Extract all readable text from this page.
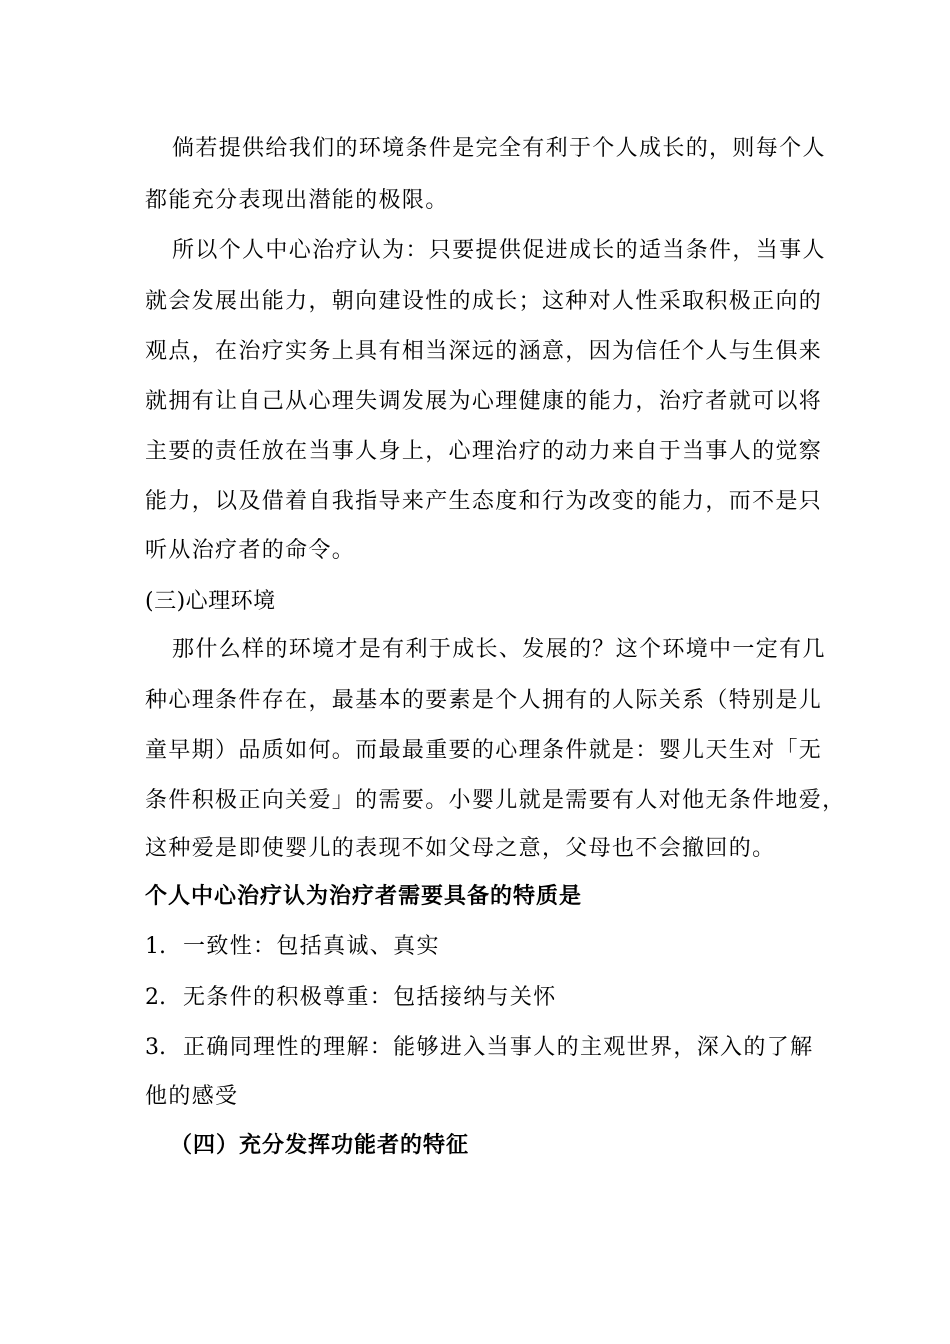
倘若提供给我们的环境条件是完全有利于个人成长的，则每个人

都能充分表现出潜能的极限。

所以个人中心治疗认为：只要提供促进成长的适当条件，当事人

就会发展出能力，朝向建设性的成长；这种对人性采取积极正向的

观点，在治疗实务上具有相当深远的涵意，因为信任个人与生俱来

就拥有让自己从心理失调发展为心理健康的能力，治疗者就可以将

主要的责任放在当事人身上，心理治疗的动力来自于当事人的觉察

能力，以及借着自我指导来产生态度和行为改变的能力，而不是只

听从治疗者的命令。

(三)心理环境

那什么样的环境才是有利于成长、发展的？这个环境中一定有几

种心理条件存在，最基本的要素是个人拥有的人际关系（特别是儿

童早期）品质如何。而最最重要的心理条件就是：婴儿天生对「无

条件积极正向关爱」的需要。小婴儿就是需要有人对他无条件地爱，

这种爱是即使婴儿的表现不如父母之意，父母也不会撤回的。

个人中心治疗认为治疗者需要具备的特质是

1. 一致性：包括真诚、真实

2. 无条件的积极尊重：包括接纳与关怀

3. 正确同理性的理解：能够进入当事人的主观世界，深入的了解

他的感受

（四）充分发挥功能者的特征
